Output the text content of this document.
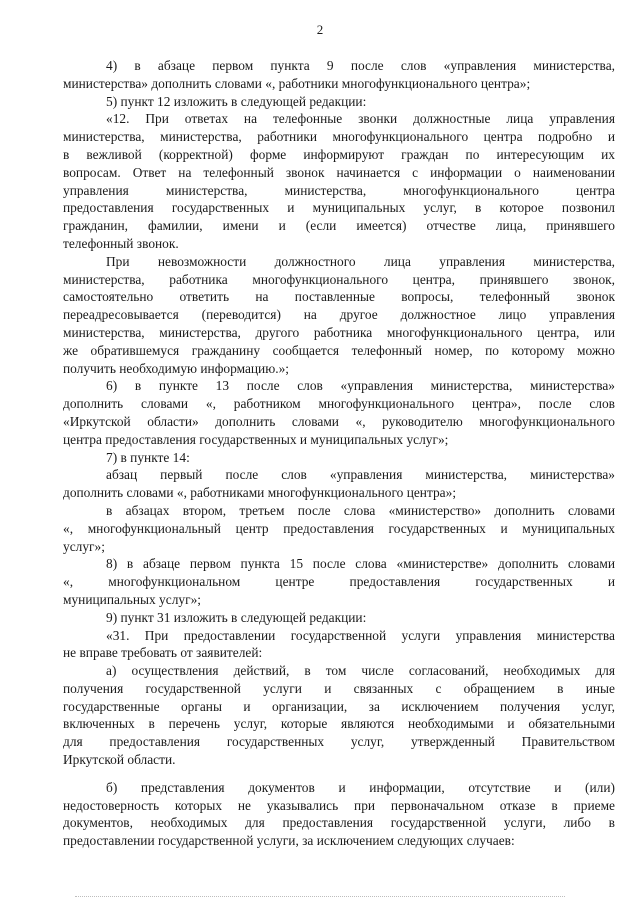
2
4) в абзаце первом пункта 9 после слов «управления министерства,
министерства» дополнить словами «, работники многофункционального центра»;
5) пункт 12 изложить в следующей редакции:
«12. При ответах на телефонные звонки должностные лица управления
министерства, министерства, работники многофункционального центра подробно и
в вежливой (корректной) форме информируют граждан по интересующим их
вопросам. Ответ на телефонный звонок начинается с информации о наименовании
управления министерства, министерства, многофункционального центра
предоставления государственных и муниципальных услуг, в которое позвонил
гражданин, фамилии, имени и (если имеется) отчестве лица, принявшего
телефонный звонок.
При невозможности должностного лица управления министерства,
министерства, работника многофункционального центра, принявшего звонок,
самостоятельно ответить на поставленные вопросы, телефонный звонок
переадресовывается (переводится) на другое должностное лицо управления
министерства, министерства, другого работника многофункционального центра, или
же обратившемуся гражданину сообщается телефонный номер, по которому можно
получить необходимую информацию.»;
6) в пункте 13 после слов «управления министерства, министерства»
дополнить словами «, работником многофункционального центра», после слов
«Иркутской области» дополнить словами «, руководителю многофункционального
центра предоставления государственных и муниципальных услуг»;
7) в пункте 14:
абзац первый после слов «управления министерства, министерства»
дополнить словами «, работниками многофункционального центра»;
в абзацах втором, третьем после слова «министерство» дополнить словами
«, многофункциональный центр предоставления государственных и муниципальных
услуг»;
8) в абзаце первом пункта 15 после слова «министерстве» дополнить словами
«, многофункциональном центре предоставления государственных и
муниципальных услуг»;
9) пункт 31 изложить в следующей редакции:
«31. При предоставлении государственной услуги управления министерства
не вправе требовать от заявителей:
а) осуществления действий, в том числе согласований, необходимых для
получения государственной услуги и связанных с обращением в иные
государственные органы и организации, за исключением получения услуг,
включенных в перечень услуг, которые являются необходимыми и обязательными
для предоставления государственных услуг, утвержденный Правительством
Иркутской области.
б) представления документов и информации, отсутствие и (или)
недостоверность которых не указывались при первоначальном отказе в приеме
документов, необходимых для предоставления государственной услуги, либо в
предоставлении государственной услуги, за исключением следующих случаев:
